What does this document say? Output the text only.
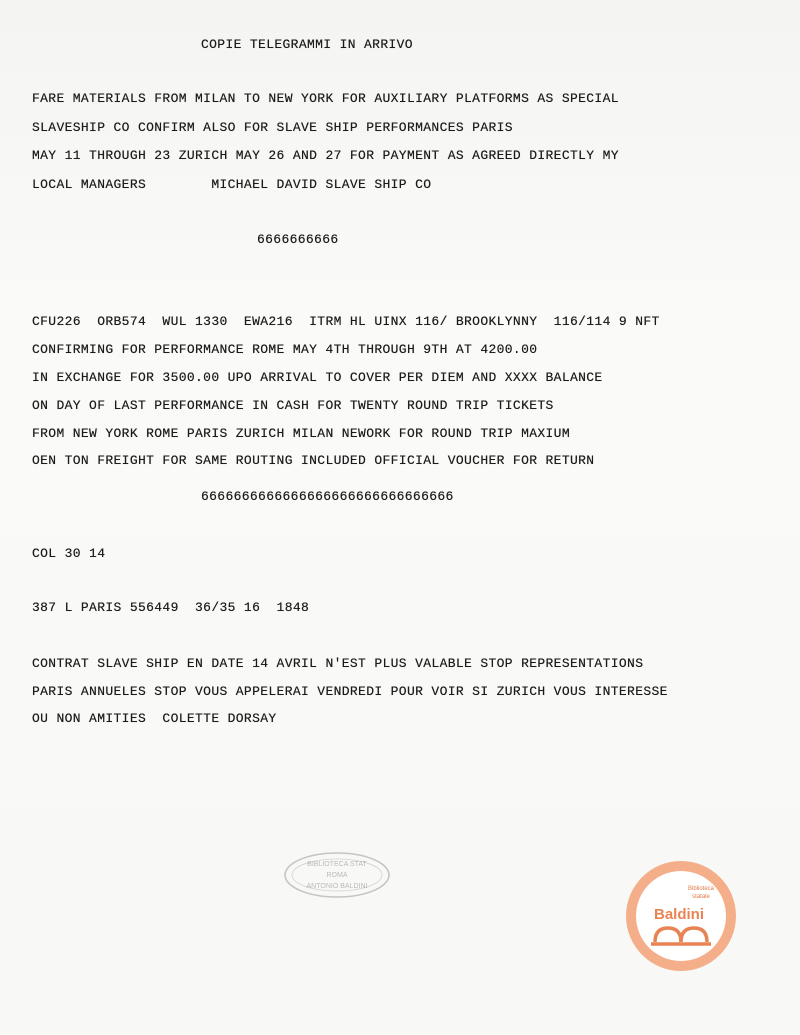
COPIE TELEGRAMMI IN ARRIVO
FARE MATERIALS FROM MILAN TO NEW YORK FOR AUXILIARY PLATFORMS AS SPECIAL
SLAVESHIP CO CONFIRM ALSO FOR SLAVE SHIP PERFORMANCES PARIS
MAY 11 THROUGH 23 ZURICH MAY 26 AND 27 FOR PAYMENT AS AGREED DIRECTLY MY
LOCAL MANAGERS        MICHAEL DAVID SLAVE SHIP CO
6666666666
CFU226  ORB574  WUL 1330  EWA216  ITRM HL UINX 116/ BROOKLYNNY  116/114 9 NFT
CONFIRMING FOR PERFORMANCE ROME MAY 4TH THROUGH 9TH AT 4200.00
IN EXCHANGE FOR 3500.00 UPO ARRIVAL TO COVER PER DIEM AND XXXX BALANCE
ON DAY OF LAST PERFORMANCE IN CASH FOR TWENTY ROUND TRIP TICKETS
FROM NEW YORK ROME PARIS ZURICH MILAN NEWORK FOR ROUND TRIP MAXIUM
OEN TON FREIGHT FOR SAME ROUTING INCLUDED OFFICIAL VOUCHER FOR RETURN
6666666666666666666666666666666
COL 30 14
387 L PARIS 556449  36/35 16  1848
CONTRAT SLAVE SHIP EN DATE 14 AVRIL N'EST PLUS VALABLE STOP REPRESENTATIONS
PARIS ANNUELES STOP VOUS APPELERAI VENDREDI POUR VOIR SI ZURICH VOUS INTERESSE
OU NON AMITIES  COLETTE DORSAY
BIBLIOTECA STAT
ROMA
ANTONIO BALDINI	Biblioteca
statale
Baldini
